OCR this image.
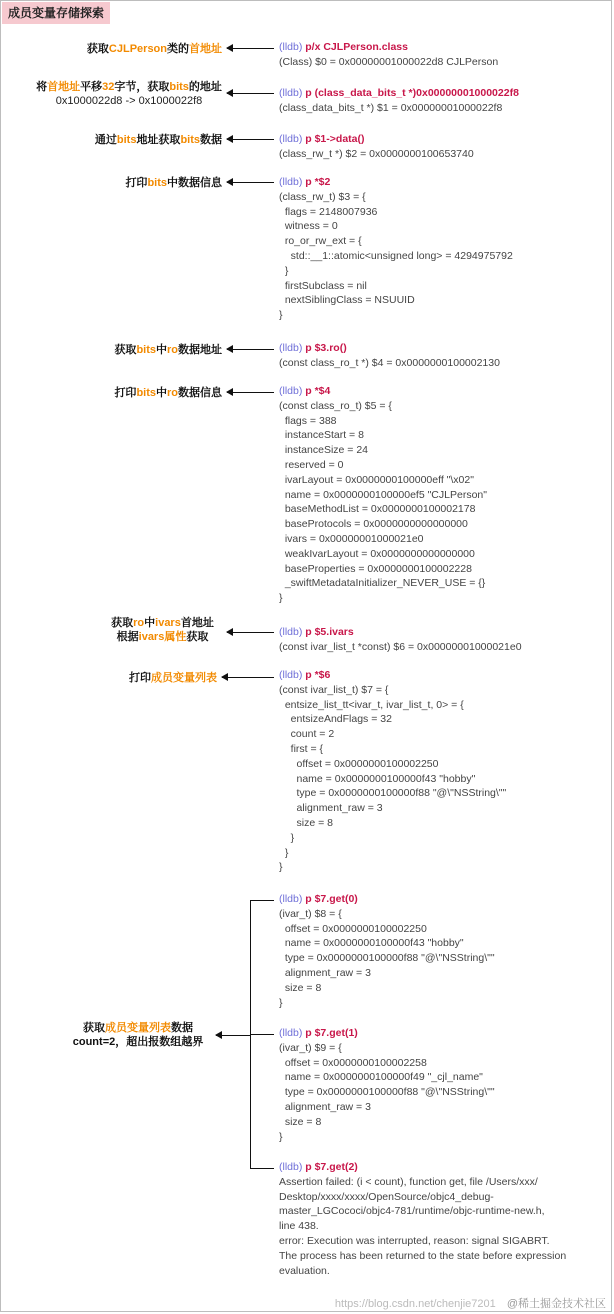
成员变量存储探索
获取CJLPerson类的首地址
将首地址平移32字节，获取bits的地址
0x1000022d8 -> 0x1000022f8
通过bits地址获取bits数据
打印bits中数据信息
获取bits中ro数据地址
打印bits中ro数据信息
获取ro中ivars首地址
根据ivars属性获取
打印成员变量列表
获取成员变量列表数据
count=2，超出报数组越界
(lldb) p/x CJLPerson.class
(Class) $0 = 0x00000001000022d8 CJLPerson
(lldb) p (class_data_bits_t *)0x00000001000022f8
(class_data_bits_t *) $1 = 0x00000001000022f8
(lldb) p $1->data()
(class_rw_t *) $2 = 0x0000000100653740
(lldb) p *$2
(class_rw_t) $3 = {
flags = 2148007936
witness = 0
ro_or_rw_ext = {
std::__1::atomic<unsigned long> = 4294975792
}
firstSubclass = nil
nextSiblingClass = NSUUID
}
(lldb) p $3.ro()
(const class_ro_t *) $4 = 0x0000000100002130
(lldb) p *$4
(const class_ro_t) $5 = {
flags = 388
instanceStart = 8
instanceSize = 24
reserved = 0
ivarLayout = 0x0000000100000eff "\x02"
name = 0x0000000100000ef5 "CJLPerson"
baseMethodList = 0x0000000100002178
baseProtocols = 0x0000000000000000
ivars = 0x00000001000021e0
weakIvarLayout = 0x0000000000000000
baseProperties = 0x0000000100002228
_swiftMetadataInitializer_NEVER_USE = {}
}
(lldb) p $5.ivars
(const ivar_list_t *const) $6 = 0x00000001000021e0
(lldb) p *$6
(const ivar_list_t) $7 = {
entsize_list_tt<ivar_t, ivar_list_t, 0> = {
entsizeAndFlags = 32
count = 2
first = {
offset = 0x0000000100002250
name = 0x0000000100000f43 "hobby"
type = 0x0000000100000f88 "@\"NSString\""
alignment_raw = 3
size = 8
}
}
}
(lldb) p $7.get(0)
(ivar_t) $8 = {
offset = 0x0000000100002250
name = 0x0000000100000f43 "hobby"
type = 0x0000000100000f88 "@\"NSString\""
alignment_raw = 3
size = 8
}
(lldb) p $7.get(1)
(ivar_t) $9 = {
offset = 0x0000000100002258
name = 0x0000000100000f49 "_cjl_name"
type = 0x0000000100000f88 "@\"NSString\""
alignment_raw = 3
size = 8
}
(lldb) p $7.get(2)
Assertion failed: (i < count), function get, file /Users/xxx/
Desktop/xxxx/xxxx/OpenSource/objc4_debug-
master_LGCococi/objc4-781/runtime/objc-runtime-new.h,
line 438.
error: Execution was interrupted, reason: signal SIGABRT.
The process has been returned to the state before expression
evaluation.
https://blog.csdn.net/chenjie7201 @稀土掘金技术社区
